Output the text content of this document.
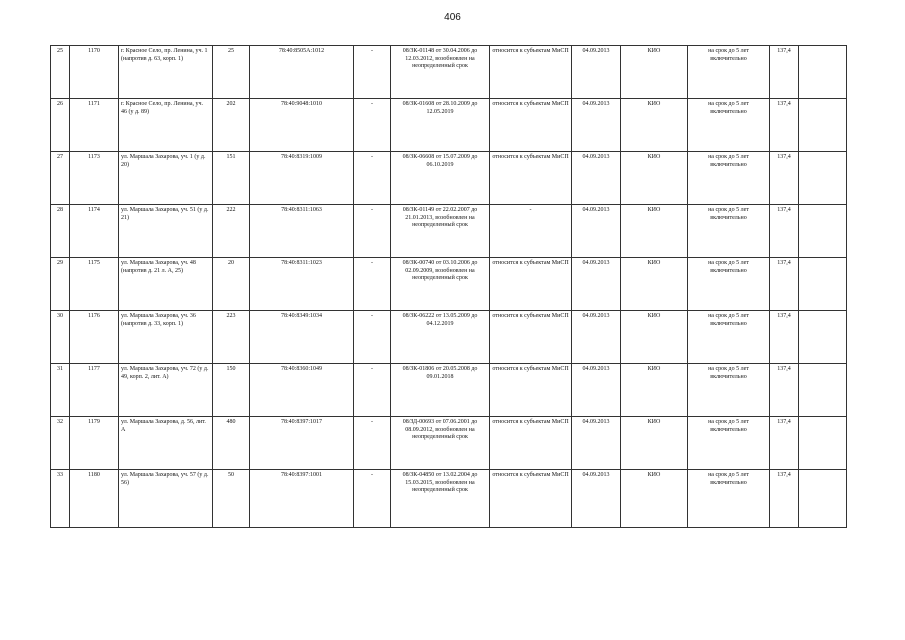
406
25	1170	г. Красное Село, пр. Ленина, уч. 1 (напротив д. 63, корп. 1)	25	78:40:8505А:1012	-	08/ЗК-01148 от 30.04.2006 до 12.03.2012, возобновлен на неопределенный срок	относится к субъектам МиСП	04.09.2013	КИО	на срок до 5 лет включительно	137,4	
26	1171	г. Красное Село, пр. Ленина, уч. 46 (у д. 89)	202	78:40:9048:1010	-	08/ЗК-01608 от 28.10.2009 до 12.05.2019	относится к субъектам МиСП	04.09.2013	КИО	на срок до 5 лет включительно	137,4	
27	1173	ул. Маршала Захарова, уч. 1 (у д. 20)	151	78:40:8319:1009	-	08/ЗК-06608 от 15.07.2009 до 06.10.2019	относится к субъектам МиСП	04.09.2013	КИО	на срок до 5 лет включительно	137,4	
28	1174	ул. Маршала Захарова, уч. 51 (у д. 21)	222	78:40:8311:1063	-	08/ЗК-01149 от 22.02.2007 до 21.01.2013, возобновлен на неопределенный срок	-	04.09.2013	КИО	на срок до 5 лет включительно	137,4	
29	1175	ул. Маршала Захарова, уч. 48 (напротив д. 21 л. А, 25)	20	78:40:8311:1023	-	08/ЗК-00740 от 03.10.2006 до 02.09.2009, возобновлен на неопределенный срок	относится к субъектам МиСП	04.09.2013	КИО	на срок до 5 лет включительно	137,4	
30	1176	ул. Маршала Захарова, уч. 36 (напротив д. 33, корп. 1)	223	78:40:8349:1034	-	08/ЗК-06222 от 13.05.2009 до 04.12.2019	относится к субъектам МиСП	04.09.2013	КИО	на срок до 5 лет включительно	137,4	
31	1177	ул. Маршала Захарова, уч. 72 (у д. 49, корп. 2, лит. А)	150	78:40:8360:1049	-	08/ЗК-01806 от 20.05.2008 до 09.01.2018	относится к субъектам МиСП	04.09.2013	КИО	на срок до 5 лет включительно	137,4	
32	1179	ул. Маршала Захарова, д. 56, лит. А	480	78:40:8397:1017	-	08/ЗД-00693 от 07.06.2001 до 08.09.2012, возобновлен на неопределенный срок	относится к субъектам МиСП	04.09.2013	КИО	на срок до 5 лет включительно	137,4	
33	1180	ул. Маршала Захарова, уч. 57 (у д. 56)	50	78:40:8397:1001	-	08/ЗК-04850 от 13.02.2004 до 15.03.2015, возобновлен на неопределенный срок	относится к субъектам МиСП	04.09.2013	КИО	на срок до 5 лет включительно	137,4	
